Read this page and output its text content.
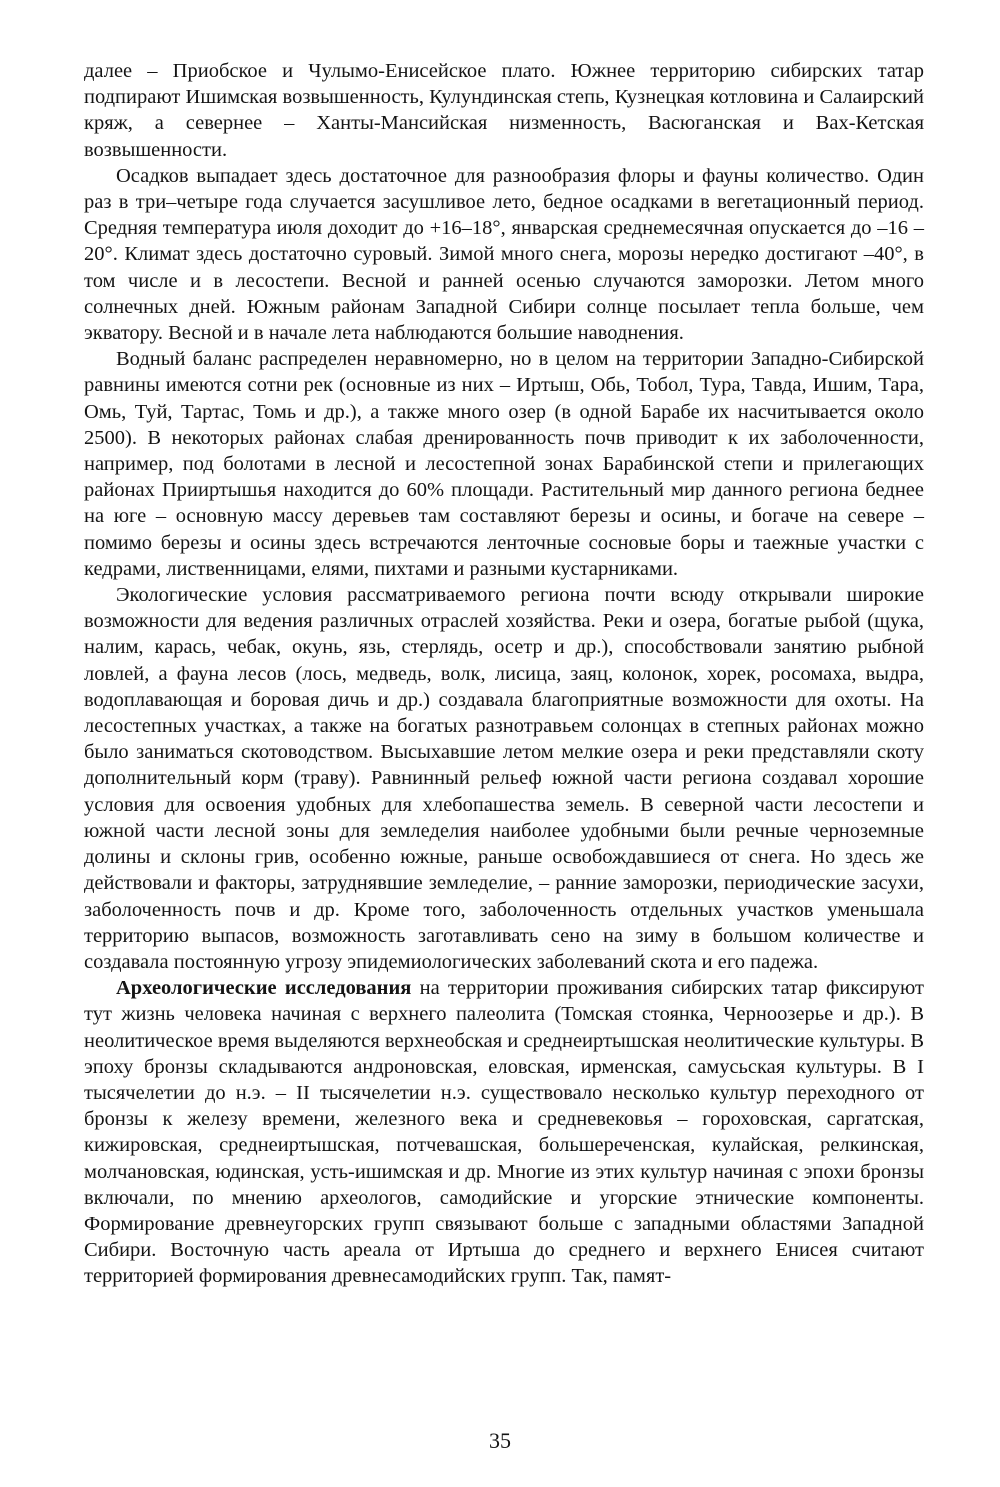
далее – Приобское и Чулымо-Енисейское плато. Южнее территорию сибирских татар подпирают Ишимская возвышенность, Кулундинская степь, Кузнецкая котловина и Салаирский кряж, а севернее – Ханты-Мансийская низменность, Васюганская и Вах-Кетская возвышенности.

Осадков выпадает здесь достаточное для разнообразия флоры и фауны количество. Один раз в три–четыре года случается засушливое лето, бедное осадками в вегетационный период. Средняя температура июля доходит до +16–18°, январская среднемесячная опускается до –16 –20°. Климат здесь достаточно суровый. Зимой много снега, морозы нередко достигают –40°, в том числе и в лесостепи. Весной и ранней осенью случаются заморозки. Летом много солнечных дней. Южным районам Западной Сибири солнце посылает тепла больше, чем экватору. Весной и в начале лета наблюдаются большие наводнения.

Водный баланс распределен неравномерно, но в целом на территории Западно-Сибирской равнины имеются сотни рек (основные из них – Иртыш, Обь, Тобол, Тура, Тавда, Ишим, Тара, Омь, Туй, Тартас, Томь и др.), а также много озер (в одной Барабе их насчитывается около 2500). В некоторых районах слабая дренированность почв приводит к их заболоченности, например, под болотами в лесной и лесостепной зонах Барабинской степи и прилегающих районах Прииртышья находится до 60% площади. Растительный мир данного региона беднее на юге – основную массу деревьев там составляют березы и осины, и богаче на севере – помимо березы и осины здесь встречаются ленточные сосновые боры и таежные участки с кедрами, лиственницами, елями, пихтами и разными кустарниками.

Экологические условия рассматриваемого региона почти всюду открывали широкие возможности для ведения различных отраслей хозяйства. Реки и озера, богатые рыбой (щука, налим, карась, чебак, окунь, язь, стерлядь, осетр и др.), способствовали занятию рыбной ловлей, а фауна лесов (лось, медведь, волк, лисица, заяц, колонок, хорек, росомаха, выдра, водоплавающая и боровая дичь и др.) создавала благоприятные возможности для охоты. На лесостепных участках, а также на богатых разнотравьем солонцах в степных районах можно было заниматься скотоводством. Высыхавшие летом мелкие озера и реки представляли скоту дополнительный корм (траву). Равнинный рельеф южной части региона создавал хорошие условия для освоения удобных для хлебопашества земель. В северной части лесостепи и южной части лесной зоны для земледелия наиболее удобными были речные черноземные долины и склоны грив, особенно южные, раньше освобождавшиеся от снега. Но здесь же действовали и факторы, затруднявшие земледелие, – ранние заморозки, периодические засухи, заболоченность почв и др. Кроме того, заболоченность отдельных участков уменьшала территорию выпасов, возможность заготавливать сено на зиму в большом количестве и создавала постоянную угрозу эпидемиологических заболеваний скота и его падежа.

Археологические исследования на территории проживания сибирских татар фиксируют тут жизнь человека начиная с верхнего палеолита (Томская стоянка, Черноозерье и др.). В неолитическое время выделяются верхнеобская и среднеиртышская неолитические культуры. В эпоху бронзы складываются андроновская, еловская, ирменская, самусьская культуры. В I тысячелетии до н.э. – II тысячелетии н.э. существовало несколько культур переходного от бронзы к железу времени, железного века и средневековья – гороховская, саргатская, кижировская, среднеиртышская, потчевашская, большереченская, кулайская, релкинская, молчановская, юдинская, усть-ишимская и др. Многие из этих культур начиная с эпохи бронзы включали, по мнению археологов, самодийские и угорские этнические компоненты. Формирование древнеугорских групп связывают больше с западными областями Западной Сибири. Восточную часть ареала от Иртыша до среднего и верхнего Енисея считают территорией формирования древнесамодийских групп. Так, памят-

35
